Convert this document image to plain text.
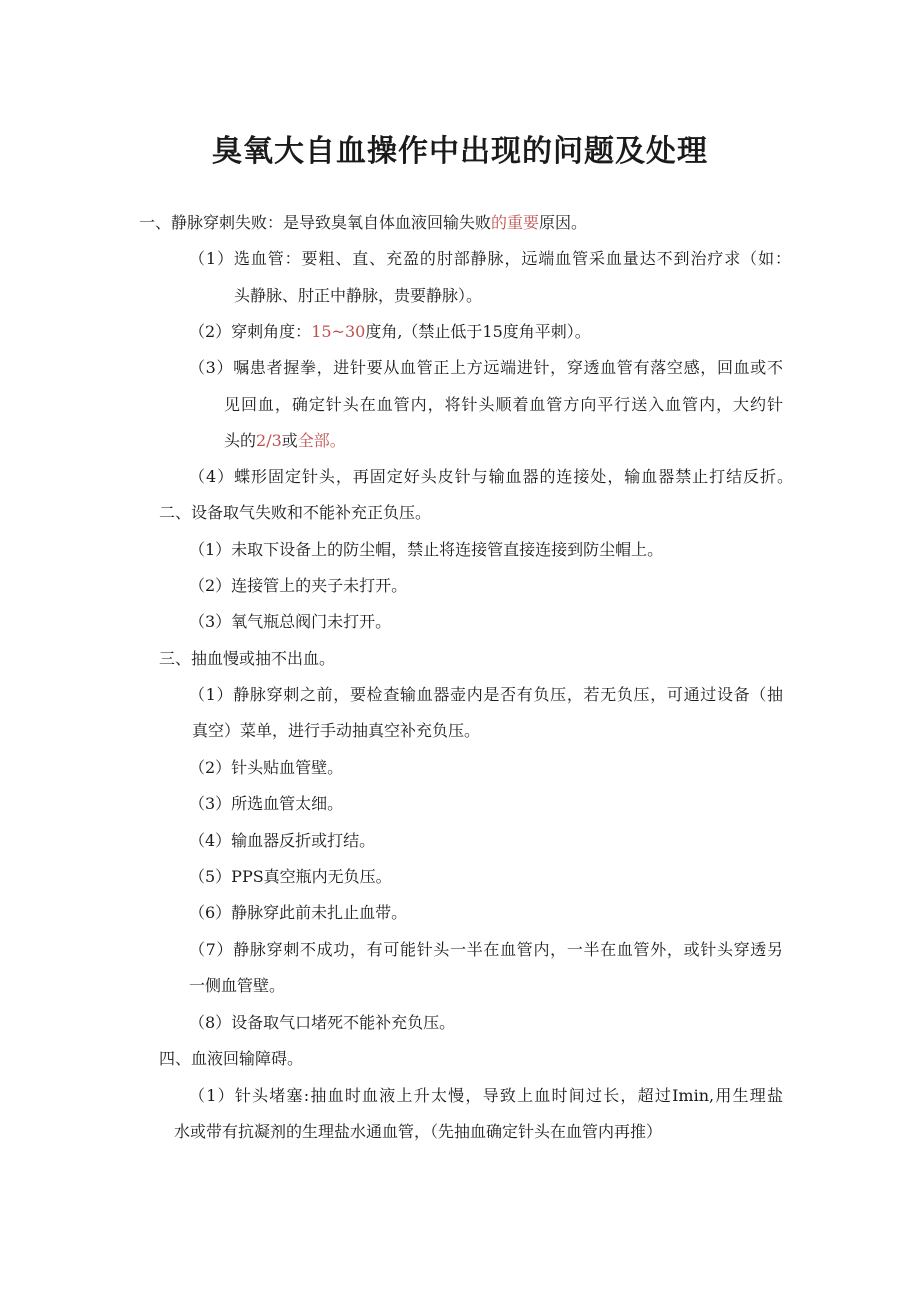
臭氧大自血操作中出现的问题及处理
一、静脉穿刺失败：是导致臭氧自体血液回输失败的重要原因。
（1）选血管：要粗、直、充盈的肘部静脉，远端血管采血量达不到治疗求（如：
头静脉、肘正中静脉，贵要静脉）。
（2）穿刺角度：15~30度角,（禁止低于15度角平刺）。
（3）嘱患者握拳，进针要从血管正上方远端进针，穿透血管有落空感，回血或不
见回血，确定针头在血管内，将针头顺着血管方向平行送入血管内，大约针
头的2/3或全部。
（4）蝶形固定针头，再固定好头皮针与输血器的连接处，输血器禁止打结反折。
二、设备取气失败和不能补充正负压。
（1）未取下设备上的防尘帽，禁止将连接管直接连接到防尘帽上。
（2）连接管上的夹子未打开。
（3）氧气瓶总阀门未打开。
三、抽血慢或抽不出血。
（1）静脉穿刺之前，要检查输血器壶内是否有负压，若无负压，可通过设备（抽
真空）菜单，进行手动抽真空补充负压。
（2）针头贴血管壁。
（3）所选血管太细。
（4）输血器反折或打结。
（5）PPS真空瓶内无负压。
（6）静脉穿此前未扎止血带。
（7）静脉穿刺不成功，有可能针头一半在血管内，一半在血管外，或针头穿透另
一侧血管壁。
（8）设备取气口堵死不能补充负压。
四、血液回输障碍。
（1）针头堵塞:抽血时血液上升太慢，导致上血时间过长，超过Imin,用生理盐
水或带有抗凝剂的生理盐水通血管，（先抽血确定针头在血管内再推）
